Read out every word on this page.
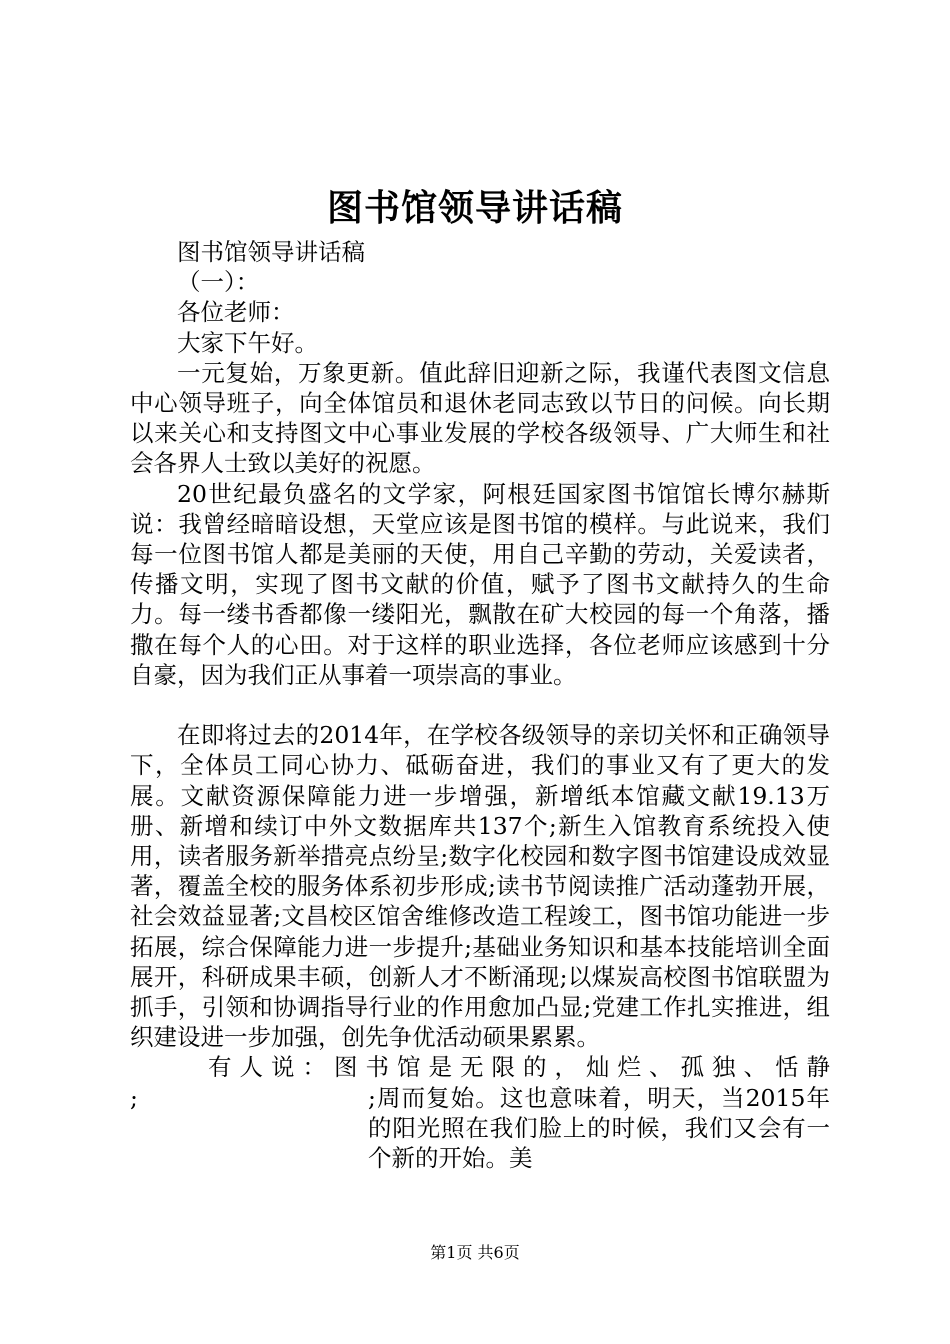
图书馆领导讲话稿

图书馆领导讲话稿

（一）：

各位老师：

大家下午好。

一元复始，万象更新。值此辞旧迎新之际，我谨代表图文信息中心领导班子，向全体馆员和退休老同志致以节日的问候。向长期以来关心和支持图文中心事业发展的学校各级领导、广大师生和社会各界人士致以美好的祝愿。

20世纪最负盛名的文学家，阿根廷国家图书馆馆长博尔赫斯说：我曾经暗暗设想，天堂应该是图书馆的模样。与此说来，我们每一位图书馆人都是美丽的天使，用自己辛勤的劳动，关爱读者，传播文明，实现了图书文献的价值，赋予了图书文献持久的生命力。每一缕书香都像一缕阳光，飘散在矿大校园的每一个角落，播撒在每个人的心田。对于这样的职业选择，各位老师应该感到十分自豪，因为我们正从事着一项崇高的事业。

在即将过去的2014年，在学校各级领导的亲切关怀和正确领导下，全体员工同心协力、砥砺奋进，我们的事业又有了更大的发展。文献资源保障能力进一步增强，新增纸本馆藏文献19.13万册、新增和续订中外文数据库共137个;新生入馆教育系统投入使用，读者服务新举措亮点纷呈;数字化校园和数字图书馆建设成效显著，覆盖全校的服务体系初步形成;读书节阅读推广活动蓬勃开展，社会效益显著;文昌校区馆舍维修改造工程竣工，图书馆功能进一步拓展，综合保障能力进一步提升;基础业务知识和基本技能培训全面展开，科研成果丰硕，创新人才不断涌现;以煤炭高校图书馆联盟为抓手，引领和协调指导行业的作用愈加凸显;党建工作扎实推进，组织建设进一步加强，创先争优活动硕果累累。

有人说：图书馆是无限的，灿烂、孤独、恬静
;	;周而复始。这也意味着，明天，当2015年的阳光照在我们脸上的时候，我们又会有一个新的开始。美
第1页 共6页
